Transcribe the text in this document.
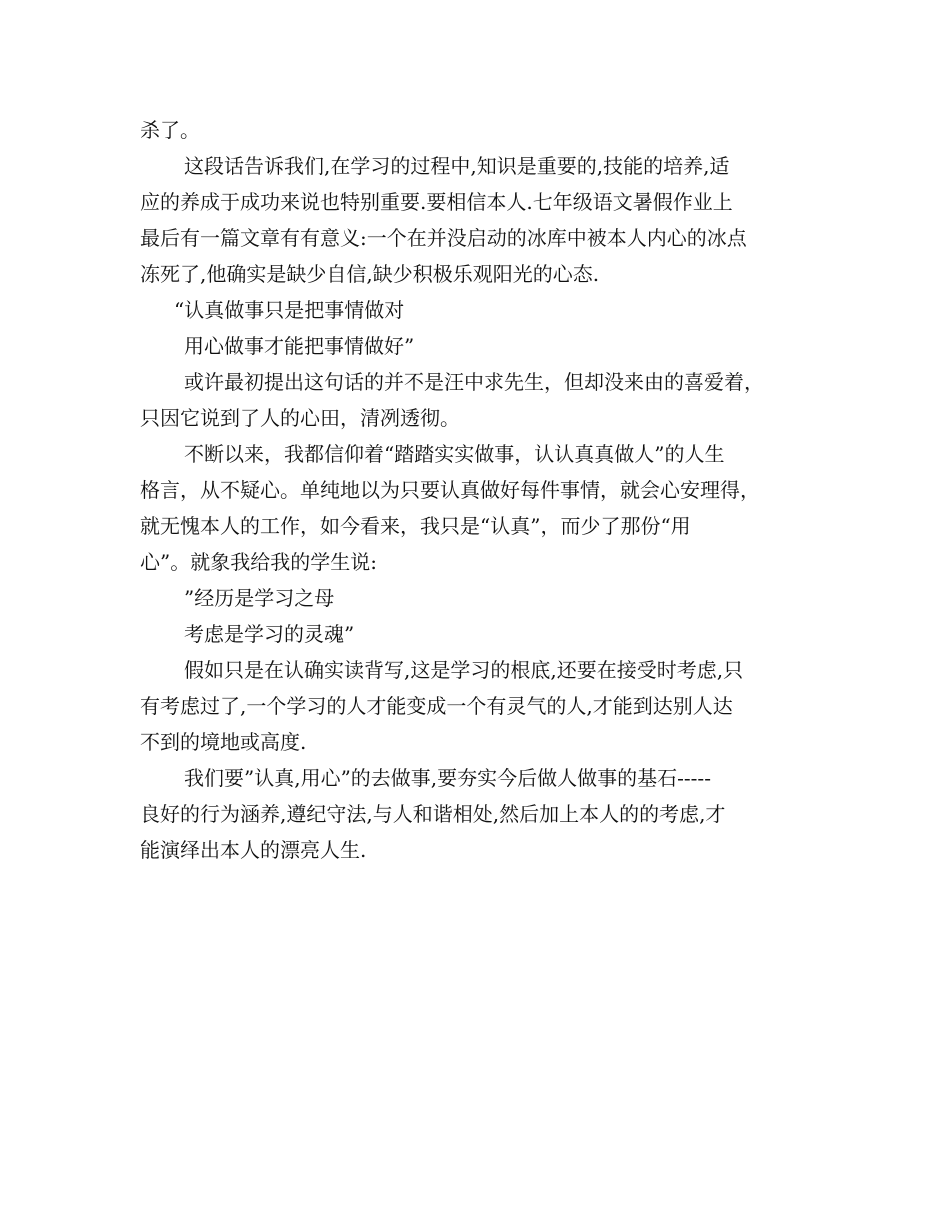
杀了。
这段话告诉我们,在学习的过程中,知识是重要的,技能的培养,适
应的养成于成功来说也特别重要.要相信本人.七年级语文暑假作业上
最后有一篇文章有有意义:一个在并没启动的冰库中被本人内心的冰点
冻死了,他确实是缺少自信,缺少积极乐观阳光的心态.
“认真做事只是把事情做对
用心做事才能把事情做好”
或许最初提出这句话的并不是汪中求先生，但却没来由的喜爱着，
只因它说到了人的心田，清冽透彻。
不断以来，我都信仰着“踏踏实实做事，认认真真做人”的人生
格言，从不疑心。单纯地以为只要认真做好每件事情，就会心安理得，
就无愧本人的工作，如今看来，我只是“认真”，而少了那份“用
心”。就象我给我的学生说:
”经历是学习之母
考虑是学习的灵魂”
假如只是在认确实读背写,这是学习的根底,还要在接受时考虑,只
有考虑过了,一个学习的人才能变成一个有灵气的人,才能到达别人达
不到的境地或高度.
我们要”认真,用心”的去做事,要夯实今后做人做事的基石-----
良好的行为涵养,遵纪守法,与人和谐相处,然后加上本人的的考虑,才
能演绎出本人的漂亮人生.
